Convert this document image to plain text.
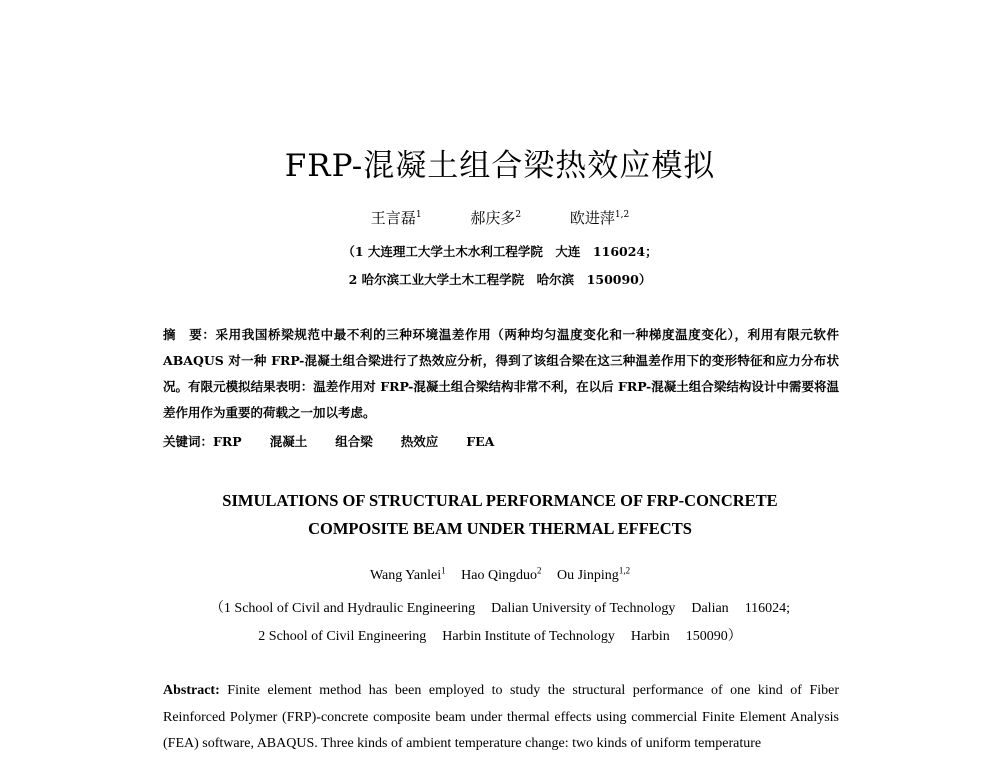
FRP-混凝土组合梁热效应模拟
王言磊$^1$	郝庆多$^2$	欧进萍$^{1,2}$
（1 大连理工大学土木水利工程学院　大连　116024；
2 哈尔滨工业大学土木工程学院　哈尔滨　150090）
摘　要：采用我国桥梁规范中最不利的三种环境温差作用（两种均匀温度变化和一种梯度温度变化），利用有限元软件 ABAQUS 对一种 FRP-混凝土组合梁进行了热效应分析，得到了该组合梁在这三种温差作用下的变形特征和应力分布状况。有限元模拟结果表明：温差作用对 FRP-混凝土组合梁结构非常不利，在以后 FRP-混凝土组合梁结构设计中需要将温差作用作为重要的荷载之一加以考虑。
关键词：FRP 混凝土 组合梁 热效应 FEA
SIMULATIONS OF STRUCTURAL PERFORMANCE OF FRP-CONCRETE
COMPOSITE BEAM UNDER THERMAL EFFECTS
Wang Yanlei$^1$ Hao Qingduo$^2$ Ou Jinping$^{1,2}$
（1 School of Civil and Hydraulic Engineering Dalian University of Technology Dalian 116024;
2 School of Civil Engineering Harbin Institute of Technology Harbin 150090）
Abstract: Finite element method has been employed to study the structural performance of one kind of Fiber Reinforced Polymer (FRP)-concrete composite beam under thermal effects using commercial Finite Element Analysis (FEA) software, ABAQUS. Three kinds of ambient temperature change: two kinds of uniform temperature
